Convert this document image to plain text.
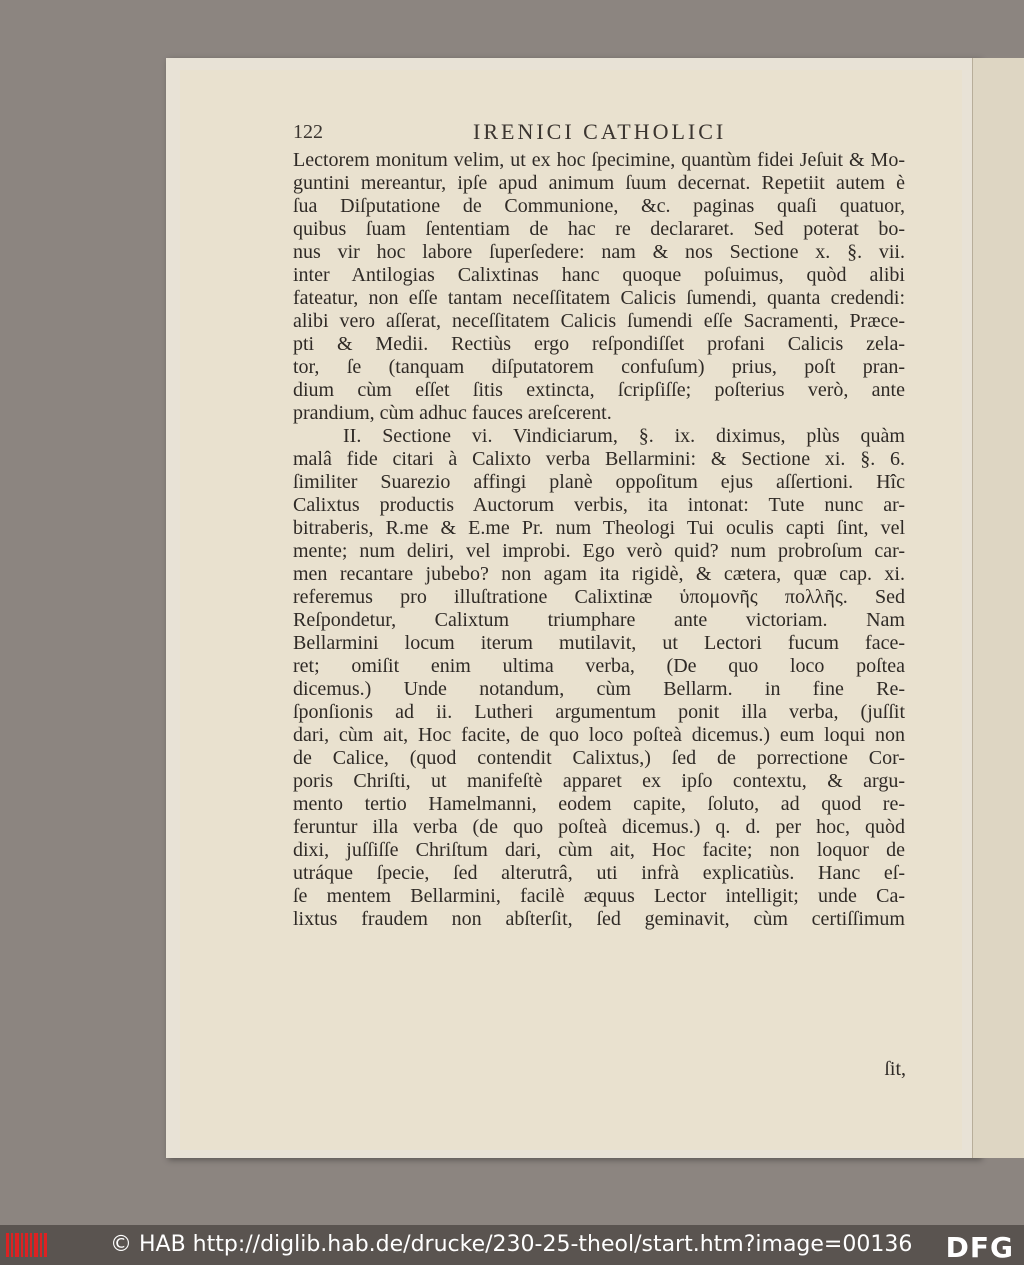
122	IRENICI CATHOLICI
Lectorem monitum velim, ut ex hoc ſpecimine, quantùm fidei Jeſuit & Mo-
guntini mereantur, ipſe apud animum ſuum decernat. Repetiit autem è
ſua Diſputatione de Communione, &c. paginas quaſi quatuor,
quibus ſuam ſententiam de hac re declararet. Sed poterat bo-
nus vir hoc labore ſuperſedere: nam & nos Sectione x. §. vii.
inter Antilogias Calixtinas hanc quoque poſuimus, quòd alibi
fateatur, non eſſe tantam neceſſitatem Calicis ſumendi, quanta credendi:
alibi vero aſſerat, neceſſitatem Calicis ſumendi eſſe Sacramenti, Præce-
pti & Medii. Rectiùs ergo reſpondiſſet profani Calicis zela-
tor, ſe (tanquam diſputatorem confuſum) prius, poſt pran-
dium cùm eſſet ſitis extincta, ſcripſiſſe; poſterius verò, ante
prandium, cùm adhuc fauces areſcerent.
II. Sectione vi. Vindiciarum, §. ix. diximus, plùs quàm
malâ fide citari à Calixto verba Bellarmini: & Sectione xi. §. 6.
ſimiliter Suarezio affingi planè oppoſitum ejus aſſertioni. Hîc
Calixtus productis Auctorum verbis, ita intonat: Tute nunc ar-
bitraberis, R.me & E.me Pr. num Theologi Tui oculis capti ſint, vel
mente; num deliri, vel improbi. Ego verò quid? num probroſum car-
men recantare jubebo? non agam ita rigidè, & cætera, quæ cap. xi.
referemus pro illuſtratione Calixtinæ ὑπομονῆς πολλῆς. Sed
Reſpondetur, Calixtum triumphare ante victoriam. Nam
Bellarmini locum iterum mutilavit, ut Lectori fucum face-
ret; omiſit enim ultima verba, (De quo loco poſtea
dicemus.) Unde notandum, cùm Bellarm. in fine Re-
ſponſionis ad ii. Lutheri argumentum ponit illa verba, (juſſit
dari, cùm ait, Hoc facite, de quo loco poſteà dicemus.) eum loqui non
de Calice, (quod contendit Calixtus,) ſed de porrectione Cor-
poris Chriſti, ut manifeſtè apparet ex ipſo contextu, & argu-
mento tertio Hamelmanni, eodem capite, ſoluto, ad quod re-
feruntur illa verba (de quo poſteà dicemus.) q. d. per hoc, quòd
dixi, juſſiſſe Chriſtum dari, cùm ait, Hoc facite; non loquor de
utráque ſpecie, ſed alterutrâ, uti infrà explicatiùs. Hanc eſ-
ſe mentem Bellarmini, facilè æquus Lector intelligit; unde Ca-
lixtus fraudem non abſterſit, ſed geminavit, cùm certiſſimum
ſit,
© HAB http://diglib.hab.de/drucke/230-25-theol/start.htm?image=00136 DFG
